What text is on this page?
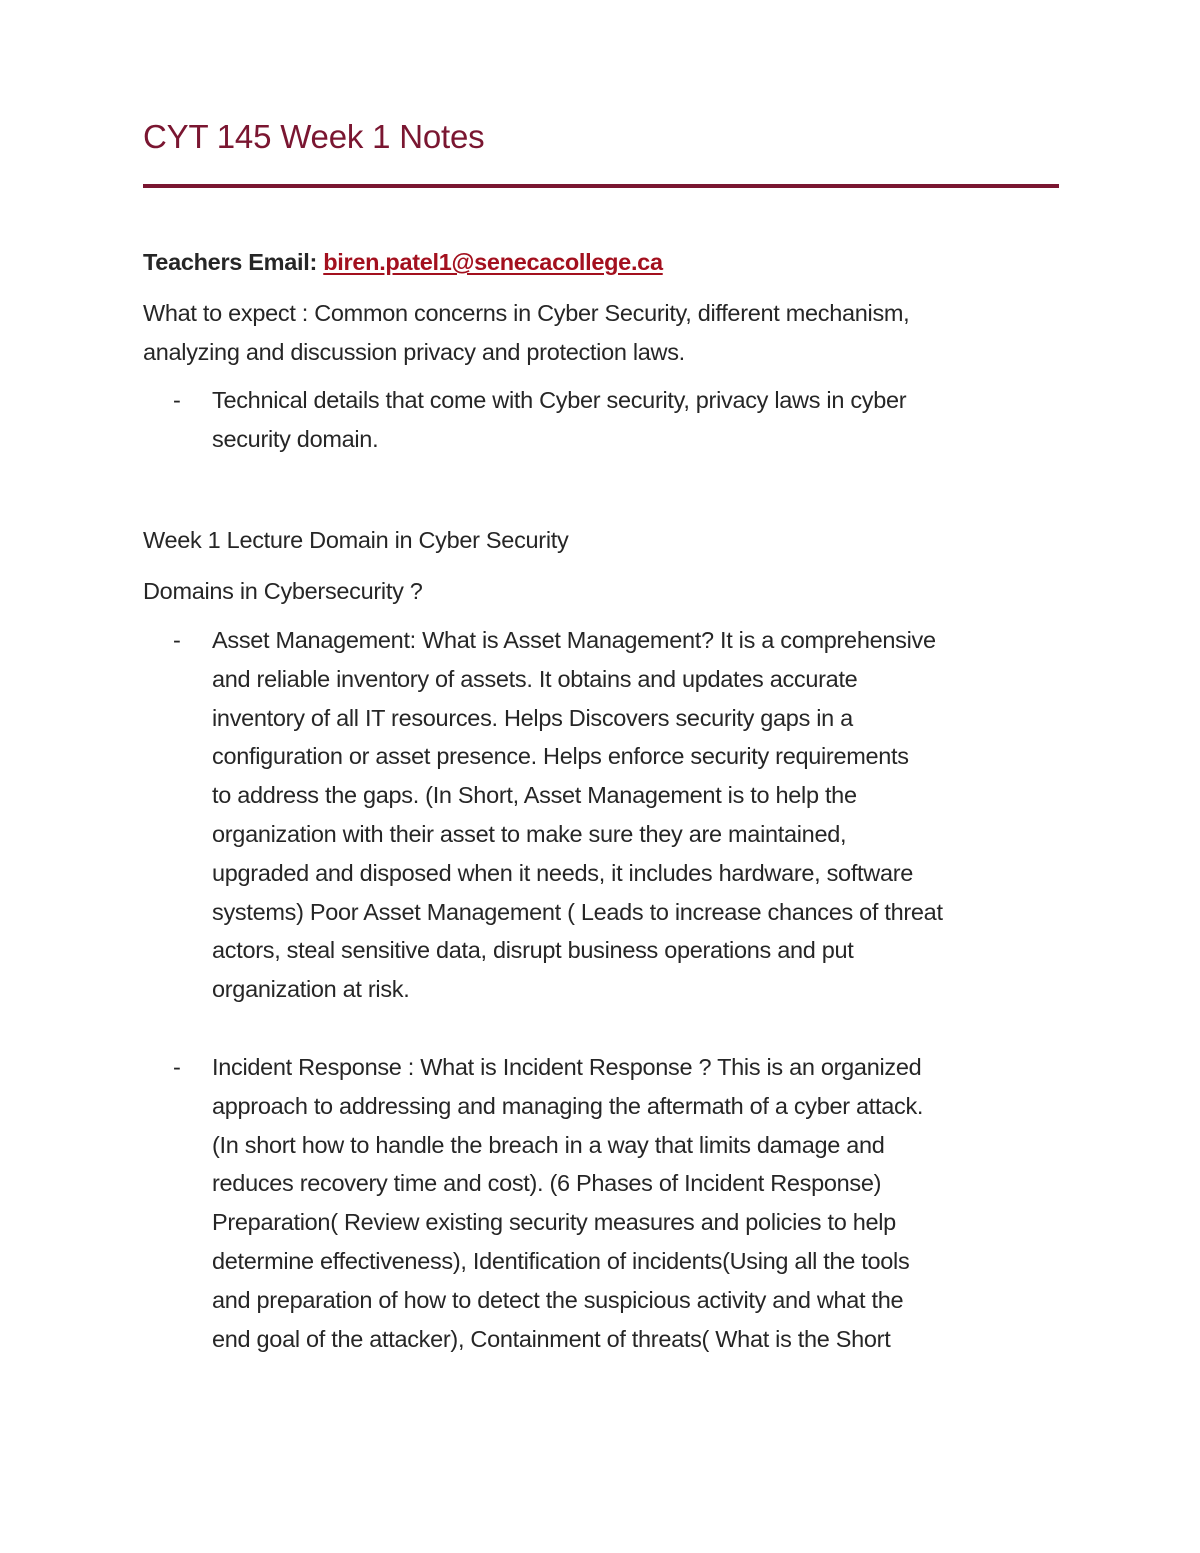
CYT 145 Week 1 Notes

Teachers Email: biren.patel1@senecacollege.ca

What to expect : Common concerns in Cyber Security, different mechanism,
analyzing and discussion privacy and protection laws.

- Technical details that come with Cyber security, privacy laws in cyber
security domain.

Week 1 Lecture Domain in Cyber Security

Domains in Cybersecurity ?

- Asset Management: What is Asset Management? It is a comprehensive
and reliable inventory of assets. It obtains and updates accurate
inventory of all IT resources. Helps Discovers security gaps in a
configuration or asset presence. Helps enforce security requirements
to address the gaps. (In Short, Asset Management is to help the
organization with their asset to make sure they are maintained,
upgraded and disposed when it needs, it includes hardware, software
systems) Poor Asset Management ( Leads to increase chances of threat
actors, steal sensitive data, disrupt business operations and put
organization at risk.

- Incident Response : What is Incident Response ? This is an organized
approach to addressing and managing the aftermath of a cyber attack.
(In short how to handle the breach in a way that limits damage and
reduces recovery time and cost). (6 Phases of Incident Response)
Preparation( Review existing security measures and policies to help
determine effectiveness), Identification of incidents(Using all the tools
and preparation of how to detect the suspicious activity and what the
end goal of the attacker), Containment of threats( What is the Short
